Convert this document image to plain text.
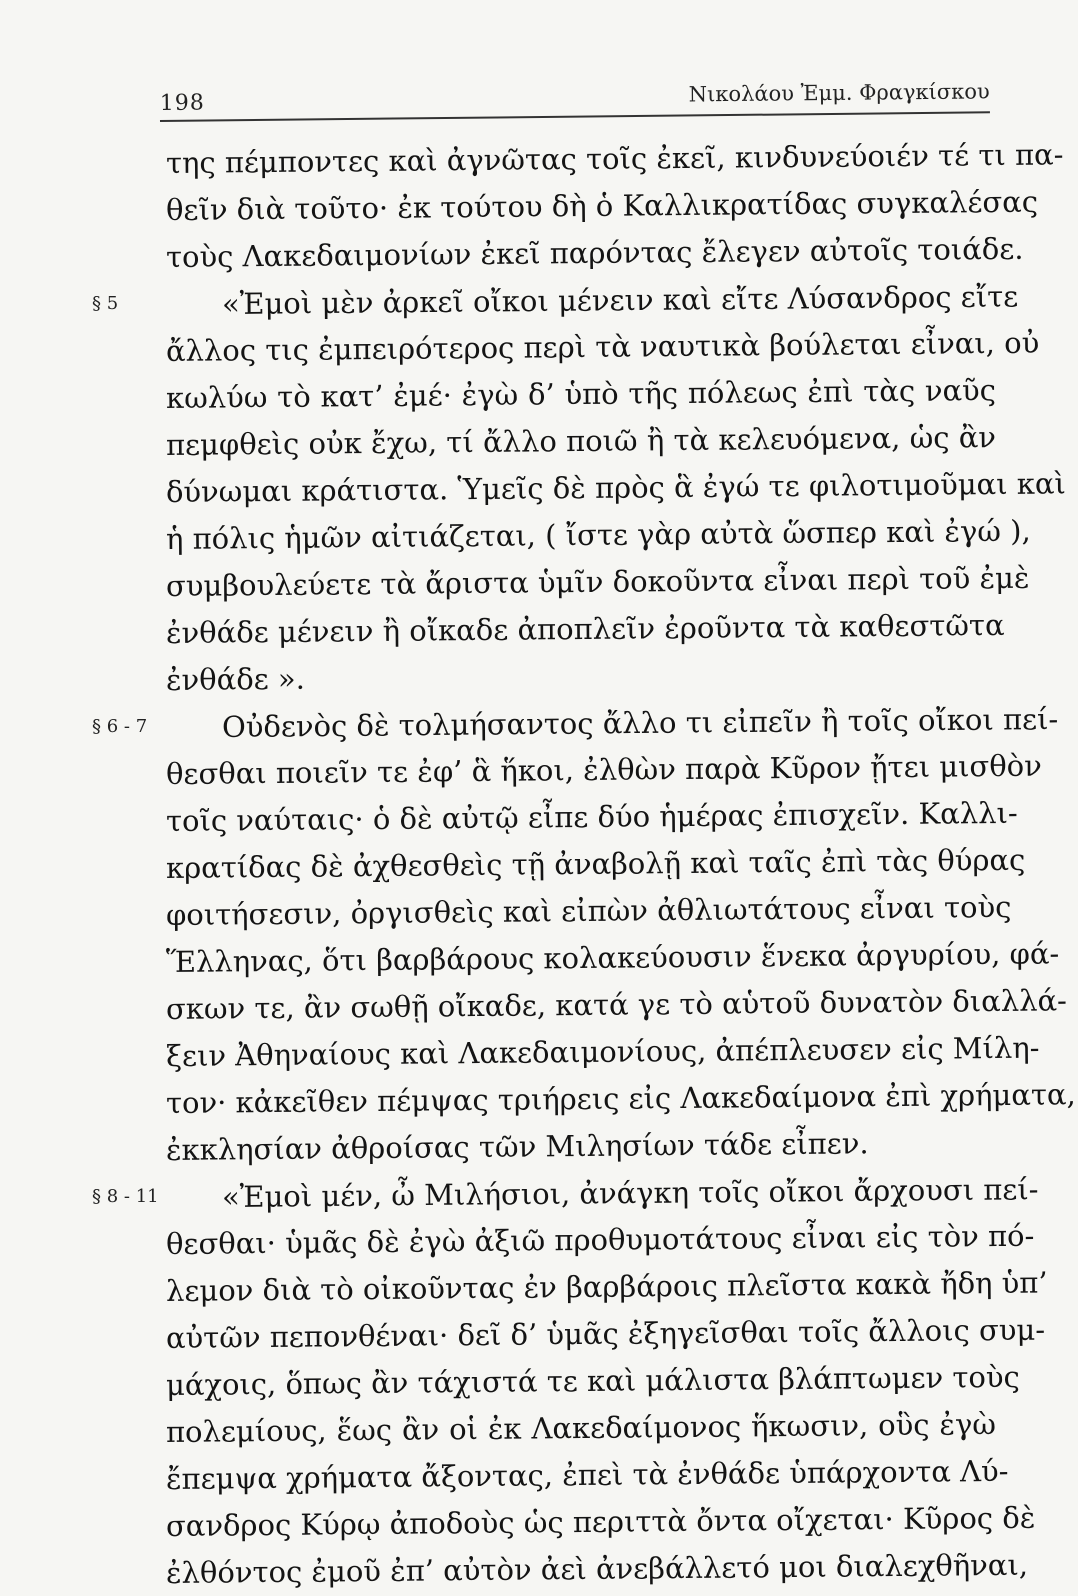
198	Νικολάου Ἐμμ. Φραγκίσκου
της πέμποντες καὶ ἀγνῶτας τοῖς ἐκεῖ, κινδυνεύοιέν τέ τι πα-
θεῖν διὰ τοῦτο· ἐκ τούτου δὴ ὁ Καλλικρατίδας συγκαλέσας
τοὺς Λακεδαιμονίων ἐκεῖ παρόντας ἔλεγεν αὐτοῖς τοιάδε.
§ 5	«Ἐμοὶ μὲν ἀρκεῖ οἴκοι μένειν καὶ εἴτε Λύσανδρος εἴτε
ἄλλος τις ἐμπειρότερος περὶ τὰ ναυτικὰ βούλεται εἶναι, οὐ
κωλύω τὸ κατ’ ἐμέ· ἐγὼ δ’ ὑπὸ τῆς πόλεως ἐπὶ τὰς ναῦς
πεμφθεὶς οὐκ ἔχω, τί ἄλλο ποιῶ ἢ τὰ κελευόμενα, ὡς ἂν
δύνωμαι κράτιστα. Ὑμεῖς δὲ πρὸς ἃ ἐγώ τε φιλοτιμοῦμαι καὶ
ἡ πόλις ἡμῶν αἰτιάζεται, ( ἴστε γὰρ αὐτὰ ὥσπερ καὶ ἐγώ ),
συμβουλεύετε τὰ ἄριστα ὑμῖν δοκοῦντα εἶναι περὶ τοῦ ἐμὲ
ἐνθάδε μένειν ἢ οἴκαδε ἀποπλεῖν ἐροῦντα τὰ καθεστῶτα
ἐνθάδε ».
§ 6 - 7	Οὐδενὸς δὲ τολμήσαντος ἄλλο τι εἰπεῖν ἢ τοῖς οἴκοι πεί-
θεσθαι ποιεῖν τε ἐφ’ ἃ ἥκοι, ἐλθὼν παρὰ Κῦρον ᾔτει μισθὸν
τοῖς ναύταις· ὁ δὲ αὐτῷ εἶπε δύο ἡμέρας ἐπισχεῖν. Καλλι-
κρατίδας δὲ ἀχθεσθεὶς τῇ ἀναβολῇ καὶ ταῖς ἐπὶ τὰς θύρας
φοιτήσεσιν, ὀργισθεὶς καὶ εἰπὼν ἀθλιωτάτους εἶναι τοὺς
Ἕλληνας, ὅτι βαρβάρους κολακεύουσιν ἕνεκα ἀργυρίου, φά-
σκων τε, ἂν σωθῇ οἴκαδε, κατά γε τὸ αὑτοῦ δυνατὸν διαλλά-
ξειν Ἀθηναίους καὶ Λακεδαιμονίους, ἀπέπλευσεν εἰς Μίλη-
τον· κἀκεῖθεν πέμψας τριήρεις εἰς Λακεδαίμονα ἐπὶ χρήματα,
ἐκκλησίαν ἀθροίσας τῶν Μιλησίων τάδε εἶπεν.
§ 8 - 11 «Ἐμοὶ μέν, ὦ Μιλήσιοι, ἀνάγκη τοῖς οἴκοι ἄρχουσι πεί-
θεσθαι· ὑμᾶς δὲ ἐγὼ ἀξιῶ προθυμοτάτους εἶναι εἰς τὸν πό-
λεμον διὰ τὸ οἰκοῦντας ἐν βαρβάροις πλεῖστα κακὰ ἤδη ὑπ’
αὐτῶν πεπονθέναι· δεῖ δ’ ὑμᾶς ἐξηγεῖσθαι τοῖς ἄλλοις συμ-
μάχοις, ὅπως ἂν τάχιστά τε καὶ μάλιστα βλάπτωμεν τοὺς
πολεμίους, ἕως ἂν οἱ ἐκ Λακεδαίμονος ἥκωσιν, οὓς ἐγὼ
ἔπεμψα χρήματα ἄξοντας, ἐπεὶ τὰ ἐνθάδε ὑπάρχοντα Λύ-
σανδρος Κύρῳ ἀποδοὺς ὡς περιττὰ ὄντα οἴχεται· Κῦρος δὲ
ἐλθόντος ἐμοῦ ἐπ’ αὐτὸν ἀεὶ ἀνεβάλλετό μοι διαλεχθῆναι,
